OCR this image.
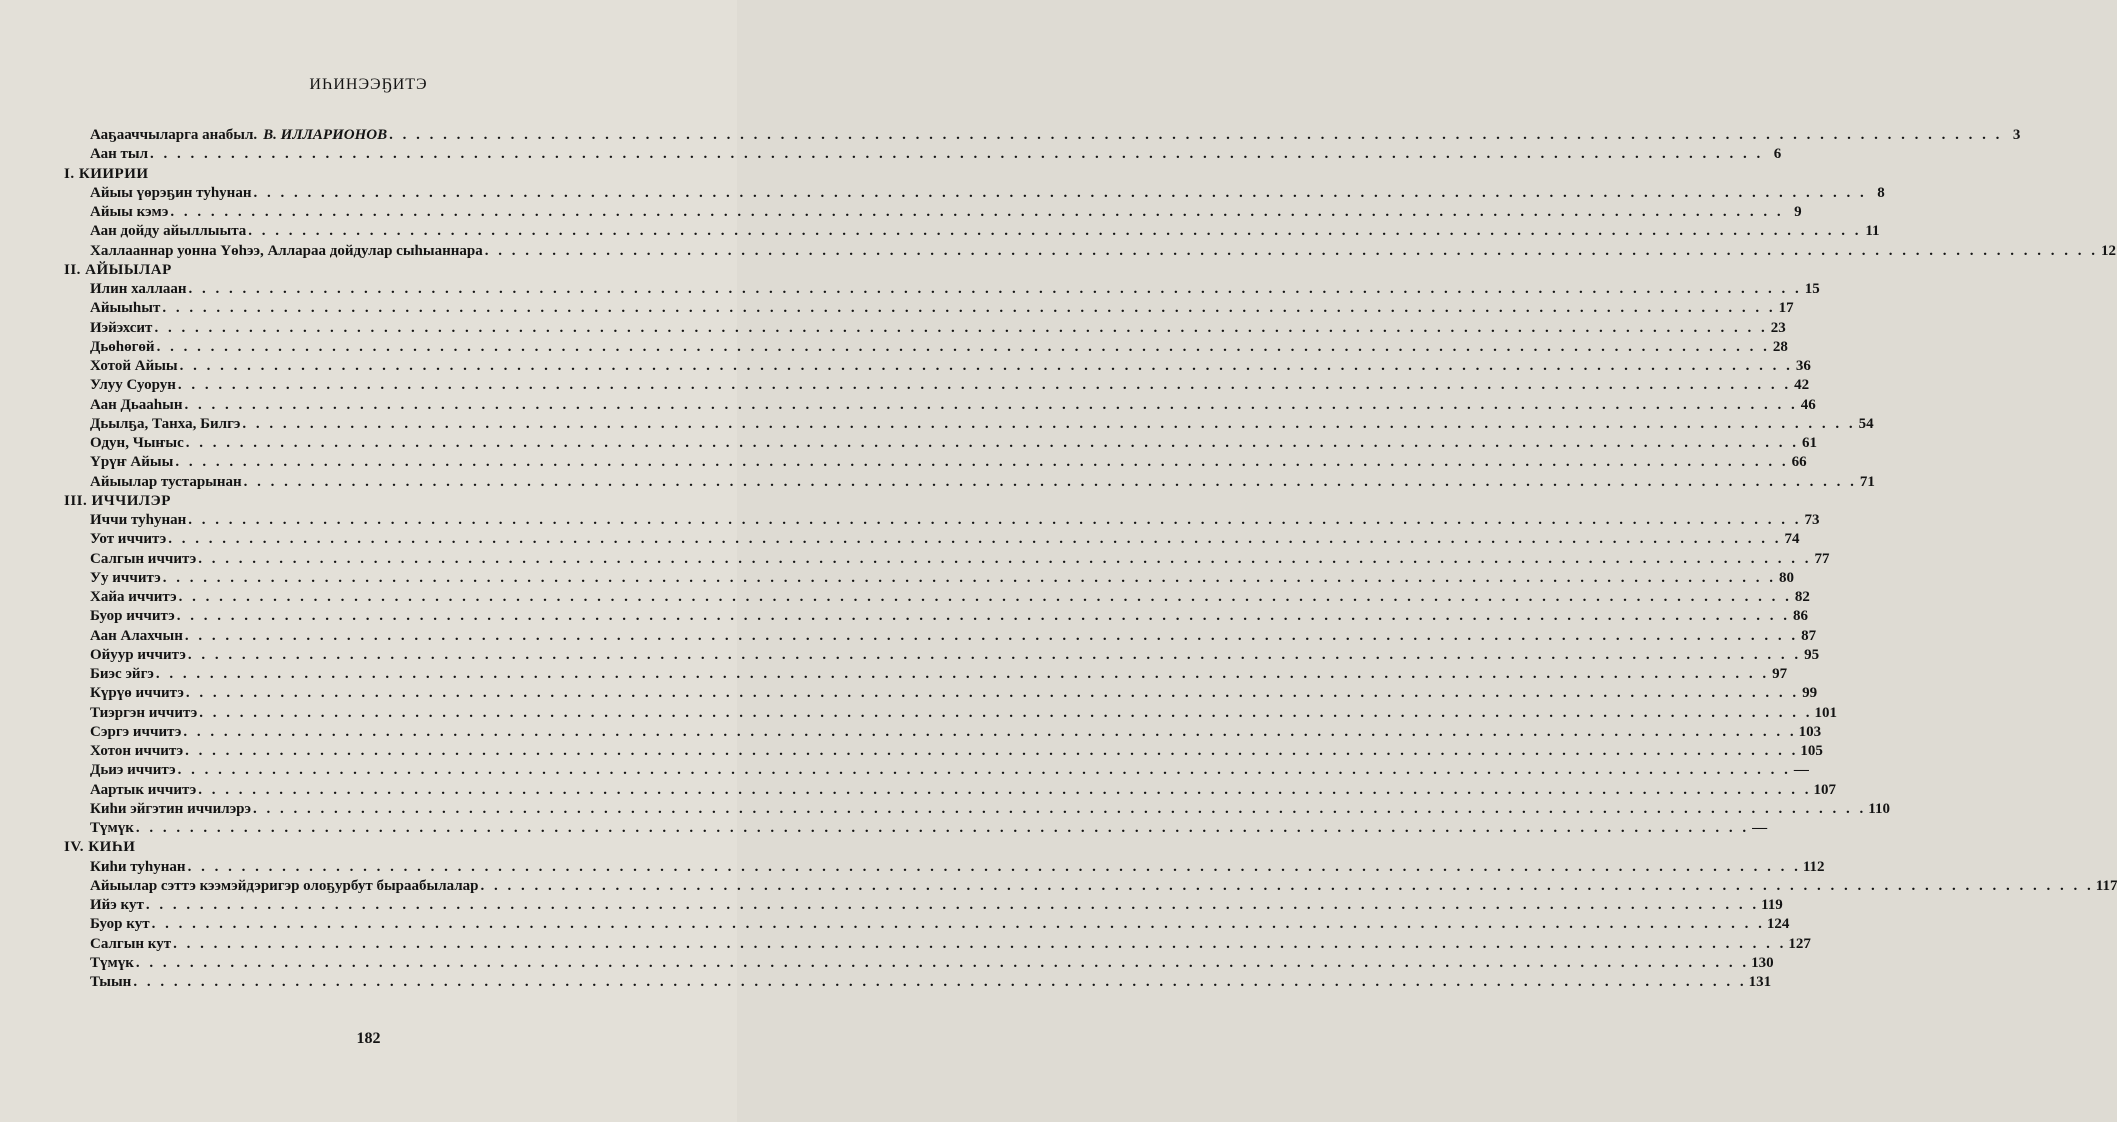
ИҺИНЭЭҔИТЭ
Ааҕааччыларга анабыл. В. ИЛЛАРИОНОВ . . . . . . . . . . . . . . . . . . . . . . . . . . . . . . . . . . . . . . . . . . . . . . . . . . . . . . . . . . . . . . . . . . . . . . . . . . . . . . . . . . . . . . . . . . . . . . . . . . . . . . . . . . . . . . . . . . . . . . . . 3
Аан тыл . . . . . . . . . . . . . . . . . . . . . . . . . . . . . . . . . . . . . . . . . . . . . . . . . . . . . . . . . . . . . . . . . . . . . . . . . . . . . . . . . . . . . . . . . . . . . . . . . . . . . . . . . . . . . . . . . . . . . . . . 6
I. КИИРИИ
Айыы үөрэҕин туһунан . . . . . . . . . . . . . . . . . . . . . . . . . . . . . . . . . . . . . . . . . . . . . . . . . . . . . . . . . . . . . . . . . . . . . . . . . . . . . . . . . . . . . . . . . . . . . . . . . . . . . . . . . . . . . . . . . . . . . . . . 8
Айыы кэмэ . . . . . . . . . . . . . . . . . . . . . . . . . . . . . . . . . . . . . . . . . . . . . . . . . . . . . . . . . . . . . . . . . . . . . . . . . . . . . . . . . . . . . . . . . . . . . . . . . . . . . . . . . . . . . . . . . . . . . . . . 9
Аан дойду айыллыыта . . . . . . . . . . . . . . . . . . . . . . . . . . . . . . . . . . . . . . . . . . . . . . . . . . . . . . . . . . . . . . . . . . . . . . . . . . . . . . . . . . . . . . . . . . . . . . . . . . . . . . . . . . . . . . . . . . . . . . . . 11
Халлааннар уонна Үөһээ, Аллараа дойдулар сыһыаннара . . . . . . . . . . . . . . . . . . . . . . . . . . . . . . . . . . . . . . . . . . . . . . . . . . . . . . . . . . . . . . . . . . . . . . . . . . . . . . . . . . . . . . . . . . . . . . . . . . . . . . . . . . . . . . . . . . . . . . . . 12
II. АЙЫЫЛАР
Илин халлаан . . . . . . . . . . . . . . . . . . . . . . . . . . . . . . . . . . . . . . . . . . . . . . . . . . . . . . . . . . . . . . . . . . . . . . . . . . . . . . . . . . . . . . . . . . . . . . . . . . . . . . . . . . . . . . . . . . . . . . . . 15
Айыыһыт . . . . . . . . . . . . . . . . . . . . . . . . . . . . . . . . . . . . . . . . . . . . . . . . . . . . . . . . . . . . . . . . . . . . . . . . . . . . . . . . . . . . . . . . . . . . . . . . . . . . . . . . . . . . . . . . . . . . . . . . 17
Иэйэхсит . . . . . . . . . . . . . . . . . . . . . . . . . . . . . . . . . . . . . . . . . . . . . . . . . . . . . . . . . . . . . . . . . . . . . . . . . . . . . . . . . . . . . . . . . . . . . . . . . . . . . . . . . . . . . . . . . . . . . . . . 23
Дьөһөгөй . . . . . . . . . . . . . . . . . . . . . . . . . . . . . . . . . . . . . . . . . . . . . . . . . . . . . . . . . . . . . . . . . . . . . . . . . . . . . . . . . . . . . . . . . . . . . . . . . . . . . . . . . . . . . . . . . . . . . . . . 28
Хотой Айыы . . . . . . . . . . . . . . . . . . . . . . . . . . . . . . . . . . . . . . . . . . . . . . . . . . . . . . . . . . . . . . . . . . . . . . . . . . . . . . . . . . . . . . . . . . . . . . . . . . . . . . . . . . . . . . . . . . . . . . . . 36
Улуу Суорун . . . . . . . . . . . . . . . . . . . . . . . . . . . . . . . . . . . . . . . . . . . . . . . . . . . . . . . . . . . . . . . . . . . . . . . . . . . . . . . . . . . . . . . . . . . . . . . . . . . . . . . . . . . . . . . . . . . . . . . . 42
Аан Дьааһын . . . . . . . . . . . . . . . . . . . . . . . . . . . . . . . . . . . . . . . . . . . . . . . . . . . . . . . . . . . . . . . . . . . . . . . . . . . . . . . . . . . . . . . . . . . . . . . . . . . . . . . . . . . . . . . . . . . . . . . . 46
Дьылҕа, Танха, Билгэ . . . . . . . . . . . . . . . . . . . . . . . . . . . . . . . . . . . . . . . . . . . . . . . . . . . . . . . . . . . . . . . . . . . . . . . . . . . . . . . . . . . . . . . . . . . . . . . . . . . . . . . . . . . . . . . . . . . . . . . . 54
Одун, Чыҥыс . . . . . . . . . . . . . . . . . . . . . . . . . . . . . . . . . . . . . . . . . . . . . . . . . . . . . . . . . . . . . . . . . . . . . . . . . . . . . . . . . . . . . . . . . . . . . . . . . . . . . . . . . . . . . . . . . . . . . . . . 61
Үрүҥ Айыы . . . . . . . . . . . . . . . . . . . . . . . . . . . . . . . . . . . . . . . . . . . . . . . . . . . . . . . . . . . . . . . . . . . . . . . . . . . . . . . . . . . . . . . . . . . . . . . . . . . . . . . . . . . . . . . . . . . . . . . . 66
Айыылар тустарынан . . . . . . . . . . . . . . . . . . . . . . . . . . . . . . . . . . . . . . . . . . . . . . . . . . . . . . . . . . . . . . . . . . . . . . . . . . . . . . . . . . . . . . . . . . . . . . . . . . . . . . . . . . . . . . . . . . . . . . . . 71
III. ИЧЧИЛЭР
Иччи туһунан . . . . . . . . . . . . . . . . . . . . . . . . . . . . . . . . . . . . . . . . . . . . . . . . . . . . . . . . . . . . . . . . . . . . . . . . . . . . . . . . . . . . . . . . . . . . . . . . . . . . . . . . . . . . . . . . . . . . . . . . 73
Уот иччитэ . . . . . . . . . . . . . . . . . . . . . . . . . . . . . . . . . . . . . . . . . . . . . . . . . . . . . . . . . . . . . . . . . . . . . . . . . . . . . . . . . . . . . . . . . . . . . . . . . . . . . . . . . . . . . . . . . . . . . . . . 74
Салгын иччитэ . . . . . . . . . . . . . . . . . . . . . . . . . . . . . . . . . . . . . . . . . . . . . . . . . . . . . . . . . . . . . . . . . . . . . . . . . . . . . . . . . . . . . . . . . . . . . . . . . . . . . . . . . . . . . . . . . . . . . . . . 77
Уу иччитэ . . . . . . . . . . . . . . . . . . . . . . . . . . . . . . . . . . . . . . . . . . . . . . . . . . . . . . . . . . . . . . . . . . . . . . . . . . . . . . . . . . . . . . . . . . . . . . . . . . . . . . . . . . . . . . . . . . . . . . . . 80
Хайа иччитэ . . . . . . . . . . . . . . . . . . . . . . . . . . . . . . . . . . . . . . . . . . . . . . . . . . . . . . . . . . . . . . . . . . . . . . . . . . . . . . . . . . . . . . . . . . . . . . . . . . . . . . . . . . . . . . . . . . . . . . . . 82
Буор иччитэ . . . . . . . . . . . . . . . . . . . . . . . . . . . . . . . . . . . . . . . . . . . . . . . . . . . . . . . . . . . . . . . . . . . . . . . . . . . . . . . . . . . . . . . . . . . . . . . . . . . . . . . . . . . . . . . . . . . . . . . . 86
Аан Алахчын . . . . . . . . . . . . . . . . . . . . . . . . . . . . . . . . . . . . . . . . . . . . . . . . . . . . . . . . . . . . . . . . . . . . . . . . . . . . . . . . . . . . . . . . . . . . . . . . . . . . . . . . . . . . . . . . . . . . . . . . 87
Ойуур иччитэ . . . . . . . . . . . . . . . . . . . . . . . . . . . . . . . . . . . . . . . . . . . . . . . . . . . . . . . . . . . . . . . . . . . . . . . . . . . . . . . . . . . . . . . . . . . . . . . . . . . . . . . . . . . . . . . . . . . . . . . . 95
Биэс эйгэ . . . . . . . . . . . . . . . . . . . . . . . . . . . . . . . . . . . . . . . . . . . . . . . . . . . . . . . . . . . . . . . . . . . . . . . . . . . . . . . . . . . . . . . . . . . . . . . . . . . . . . . . . . . . . . . . . . . . . . . . 97
Күрүө иччитэ . . . . . . . . . . . . . . . . . . . . . . . . . . . . . . . . . . . . . . . . . . . . . . . . . . . . . . . . . . . . . . . . . . . . . . . . . . . . . . . . . . . . . . . . . . . . . . . . . . . . . . . . . . . . . . . . . . . . . . . . 99
Тиэргэн иччитэ . . . . . . . . . . . . . . . . . . . . . . . . . . . . . . . . . . . . . . . . . . . . . . . . . . . . . . . . . . . . . . . . . . . . . . . . . . . . . . . . . . . . . . . . . . . . . . . . . . . . . . . . . . . . . . . . . . . . . . . . 101
Сэргэ иччитэ . . . . . . . . . . . . . . . . . . . . . . . . . . . . . . . . . . . . . . . . . . . . . . . . . . . . . . . . . . . . . . . . . . . . . . . . . . . . . . . . . . . . . . . . . . . . . . . . . . . . . . . . . . . . . . . . . . . . . . . . 103
Хотон иччитэ . . . . . . . . . . . . . . . . . . . . . . . . . . . . . . . . . . . . . . . . . . . . . . . . . . . . . . . . . . . . . . . . . . . . . . . . . . . . . . . . . . . . . . . . . . . . . . . . . . . . . . . . . . . . . . . . . . . . . . . . 105
Дьиэ иччитэ . . . . . . . . . . . . . . . . . . . . . . . . . . . . . . . . . . . . . . . . . . . . . . . . . . . . . . . . . . . . . . . . . . . . . . . . . . . . . . . . . . . . . . . . . . . . . . . . . . . . . . . . . . . . . . . . . . . . . . . . —
Аартык иччитэ . . . . . . . . . . . . . . . . . . . . . . . . . . . . . . . . . . . . . . . . . . . . . . . . . . . . . . . . . . . . . . . . . . . . . . . . . . . . . . . . . . . . . . . . . . . . . . . . . . . . . . . . . . . . . . . . . . . . . . . . 107
Киһи эйгэтин иччилэрэ . . . . . . . . . . . . . . . . . . . . . . . . . . . . . . . . . . . . . . . . . . . . . . . . . . . . . . . . . . . . . . . . . . . . . . . . . . . . . . . . . . . . . . . . . . . . . . . . . . . . . . . . . . . . . . . . . . . . . . . . 110
Түмүк . . . . . . . . . . . . . . . . . . . . . . . . . . . . . . . . . . . . . . . . . . . . . . . . . . . . . . . . . . . . . . . . . . . . . . . . . . . . . . . . . . . . . . . . . . . . . . . . . . . . . . . . . . . . . . . . . . . . . . . . —
IV. КИҺИ
Киһи туһунан . . . . . . . . . . . . . . . . . . . . . . . . . . . . . . . . . . . . . . . . . . . . . . . . . . . . . . . . . . . . . . . . . . . . . . . . . . . . . . . . . . . . . . . . . . . . . . . . . . . . . . . . . . . . . . . . . . . . . . . . 112
Айыылар сэттэ кээмэйдэригэр олоҕурбут быраабылалар . . . . . . . . . . . . . . . . . . . . . . . . . . . . . . . . . . . . . . . . . . . . . . . . . . . . . . . . . . . . . . . . . . . . . . . . . . . . . . . . . . . . . . . . . . . . . . . . . . . . . . . . . . . . . . . . . . . . . . . . 117
Ийэ кут . . . . . . . . . . . . . . . . . . . . . . . . . . . . . . . . . . . . . . . . . . . . . . . . . . . . . . . . . . . . . . . . . . . . . . . . . . . . . . . . . . . . . . . . . . . . . . . . . . . . . . . . . . . . . . . . . . . . . . . . 119
Буор кут . . . . . . . . . . . . . . . . . . . . . . . . . . . . . . . . . . . . . . . . . . . . . . . . . . . . . . . . . . . . . . . . . . . . . . . . . . . . . . . . . . . . . . . . . . . . . . . . . . . . . . . . . . . . . . . . . . . . . . . . 124
Салгын кут . . . . . . . . . . . . . . . . . . . . . . . . . . . . . . . . . . . . . . . . . . . . . . . . . . . . . . . . . . . . . . . . . . . . . . . . . . . . . . . . . . . . . . . . . . . . . . . . . . . . . . . . . . . . . . . . . . . . . . . . 127
Түмүк . . . . . . . . . . . . . . . . . . . . . . . . . . . . . . . . . . . . . . . . . . . . . . . . . . . . . . . . . . . . . . . . . . . . . . . . . . . . . . . . . . . . . . . . . . . . . . . . . . . . . . . . . . . . . . . . . . . . . . . . 130
Тыын . . . . . . . . . . . . . . . . . . . . . . . . . . . . . . . . . . . . . . . . . . . . . . . . . . . . . . . . . . . . . . . . . . . . . . . . . . . . . . . . . . . . . . . . . . . . . . . . . . . . . . . . . . . . . . . . . . . . . . . . 131
182
